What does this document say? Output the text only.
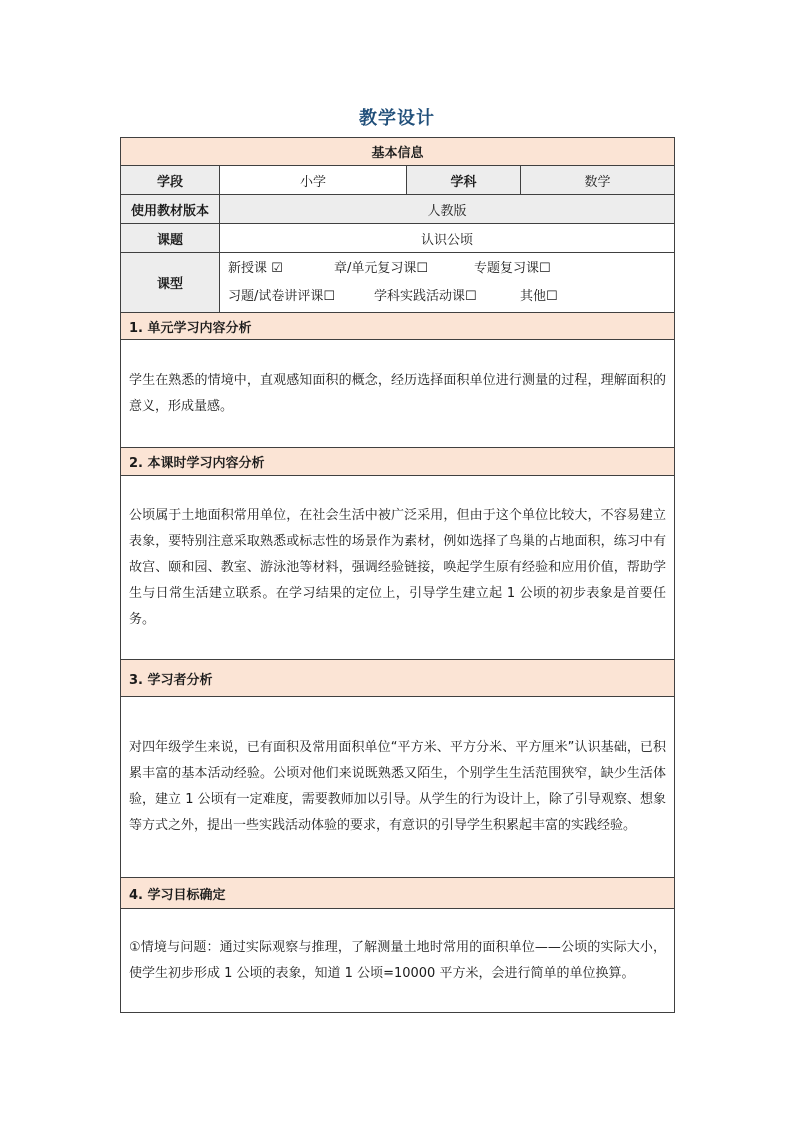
教学设计
基本信息			
学段	小学	学科	数学
使用教材版本	人教版		
课题	认识公顷		
课型	新授课 ☑ 章/单元复习课☐ 专题复习课☐
习题/试卷讲评课☐ 学科实践活动课☐ 其他☐		

1. 单元学习内容分析			
学生在熟悉的情境中，直观感知面积的概念，经历选择面积单位进行测量的过程，理解面积的意义，形成量感。			
2. 本课时学习内容分析			
公顷属于土地面积常用单位，在社会生活中被广泛采用，但由于这个单位比较大，不容易建立表象，要特别注意采取熟悉或标志性的场景作为素材，例如选择了鸟巢的占地面积，练习中有故宫、颐和园、教室、游泳池等材料，强调经验链接，唤起学生原有经验和应用价值，帮助学生与日常生活建立联系。在学习结果的定位上，引导学生建立起 1 公顷的初步表象是首要任务。			
3. 学习者分析			
对四年级学生来说，已有面积及常用面积单位“平方米、平方分米、平方厘米”认识基础，已积累丰富的基本活动经验。公顷对他们来说既熟悉又陌生，个别学生生活范围狭窄，缺少生活体验，建立 1 公顷有一定难度，需要教师加以引导。从学生的行为设计上，除了引导观察、想象等方式之外，提出一些实践活动体验的要求，有意识的引导学生积累起丰富的实践经验。			
4. 学习目标确定			
①情境与问题：通过实际观察与推理，了解测量土地时常用的面积单位——公顷的实际大小，使学生初步形成 1 公顷的表象，知道 1 公顷=10000 平方米，会进行简单的单位换算。			
